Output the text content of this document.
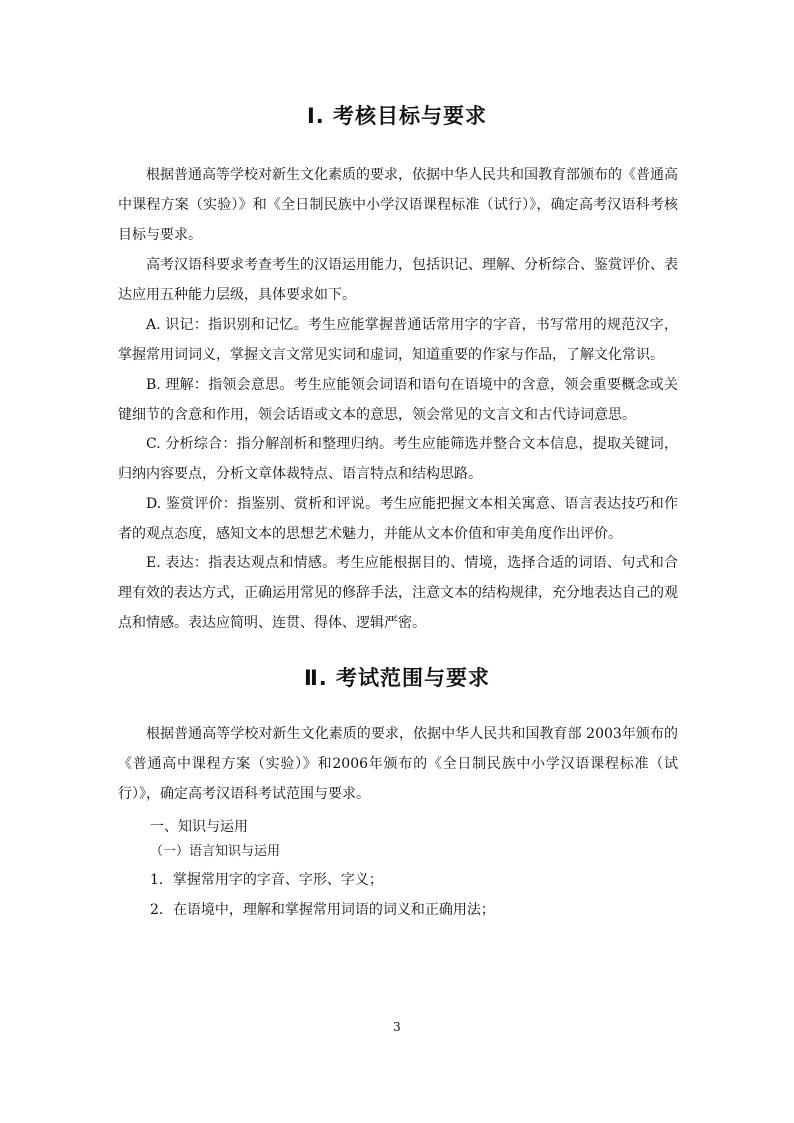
Ⅰ. 考核目标与要求

根据普通高等学校对新生文化素质的要求，依据中华人民共和国教育部颁布的《普通高中课程方案（实验）》和《全日制民族中小学汉语课程标准（试行）》，确定高考汉语科考核目标与要求。

高考汉语科要求考查考生的汉语运用能力，包括识记、理解、分析综合、鉴赏评价、表达应用五种能力层级，具体要求如下。

A. 识记：指识别和记忆。考生应能掌握普通话常用字的字音，书写常用的规范汉字，掌握常用词词义，掌握文言文常见实词和虚词，知道重要的作家与作品，了解文化常识。

B. 理解：指领会意思。考生应能领会词语和语句在语境中的含意，领会重要概念或关键细节的含意和作用，领会话语或文本的意思，领会常见的文言文和古代诗词意思。

C. 分析综合：指分解剖析和整理归纳。考生应能筛选并整合文本信息，提取关键词，归纳内容要点，分析文章体裁特点、语言特点和结构思路。

D. 鉴赏评价：指鉴别、赏析和评说。考生应能把握文本相关寓意、语言表达技巧和作者的观点态度，感知文本的思想艺术魅力，并能从文本价值和审美角度作出评价。

E. 表达：指表达观点和情感。考生应能根据目的、情境，选择合适的词语、句式和合理有效的表达方式，正确运用常见的修辞手法，注意文本的结构规律，充分地表达自己的观点和情感。表达应简明、连贯、得体、逻辑严密。

Ⅱ. 考试范围与要求

根据普通高等学校对新生文化素质的要求，依据中华人民共和国教育部 2003年颁布的《普通高中课程方案（实验）》和2006年颁布的《全日制民族中小学汉语课程标准（试行）》，确定高考汉语科考试范围与要求。

一、知识与运用

（一）语言知识与运用

1．掌握常用字的字音、字形、字义；

2．在语境中，理解和掌握常用词语的词义和正确用法；

3
